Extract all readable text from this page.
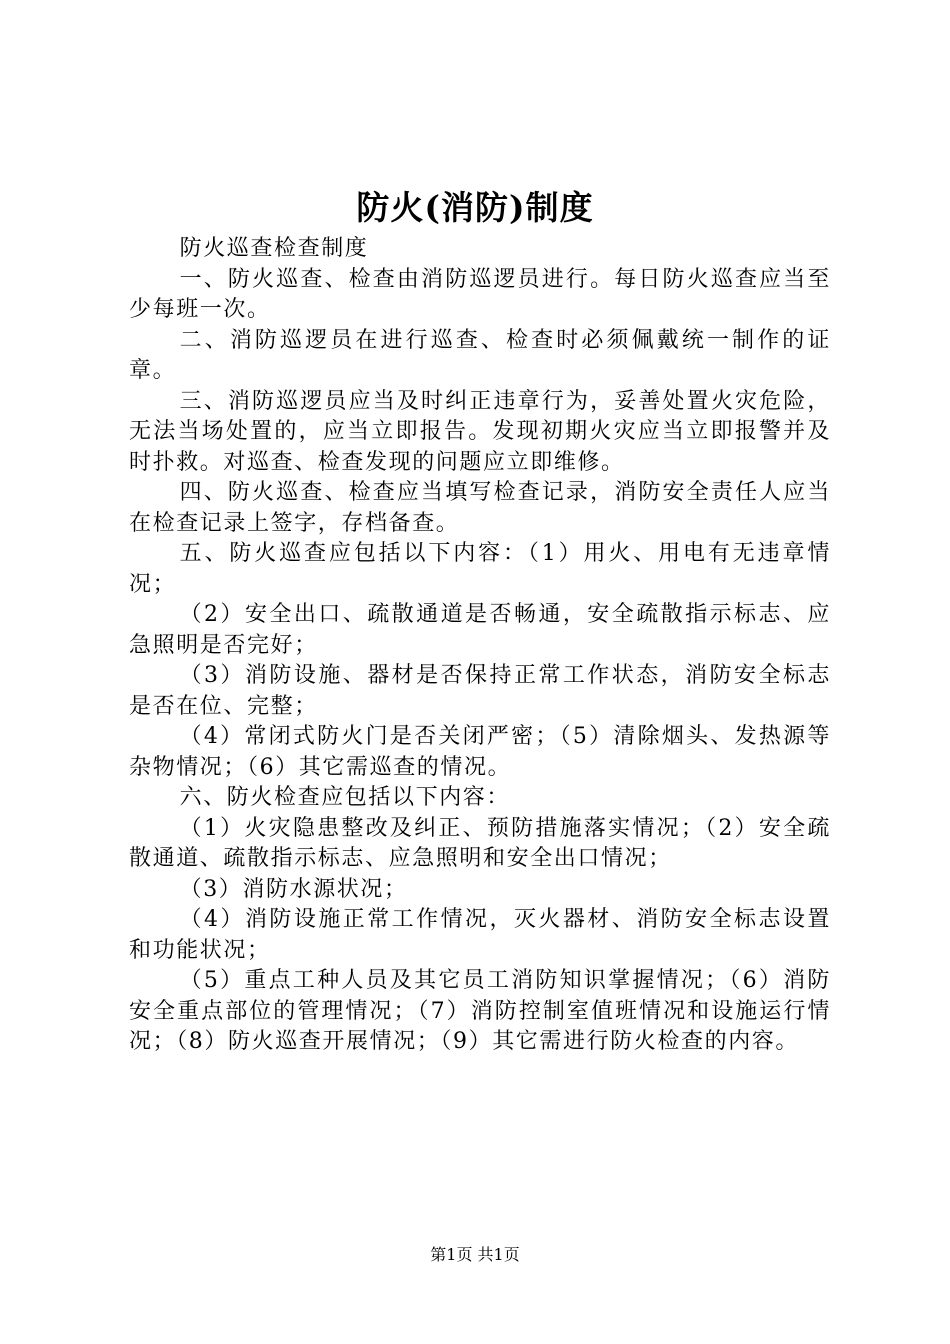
防火(消防)制度

防火巡查检查制度

一、防火巡查、检查由消防巡逻员进行。每日防火巡查应当至少每班一次。

二、消防巡逻员在进行巡查、检查时必须佩戴统一制作的证章。

三、消防巡逻员应当及时纠正违章行为，妥善处置火灾危险，无法当场处置的，应当立即报告。发现初期火灾应当立即报警并及时扑救。对巡查、检查发现的问题应立即维修。

四、防火巡查、检查应当填写检查记录，消防安全责任人应当在检查记录上签字，存档备查。

五、防火巡查应包括以下内容：（1）用火、用电有无违章情况；

（2）安全出口、疏散通道是否畅通，安全疏散指示标志、应急照明是否完好；

（3）消防设施、器材是否保持正常工作状态，消防安全标志是否在位、完整；

（4）常闭式防火门是否关闭严密；（5）清除烟头、发热源等杂物情况；（6）其它需巡查的情况。

六、防火检查应包括以下内容：

（1）火灾隐患整改及纠正、预防措施落实情况；（2）安全疏散通道、疏散指示标志、应急照明和安全出口情况；

（3）消防水源状况；

（4）消防设施正常工作情况，灭火器材、消防安全标志设置和功能状况；

（5）重点工种人员及其它员工消防知识掌握情况；（6）消防安全重点部位的管理情况；（7）消防控制室值班情况和设施运行情况；（8）防火巡查开展情况；（9）其它需进行防火检查的内容。

第1页 共1页
